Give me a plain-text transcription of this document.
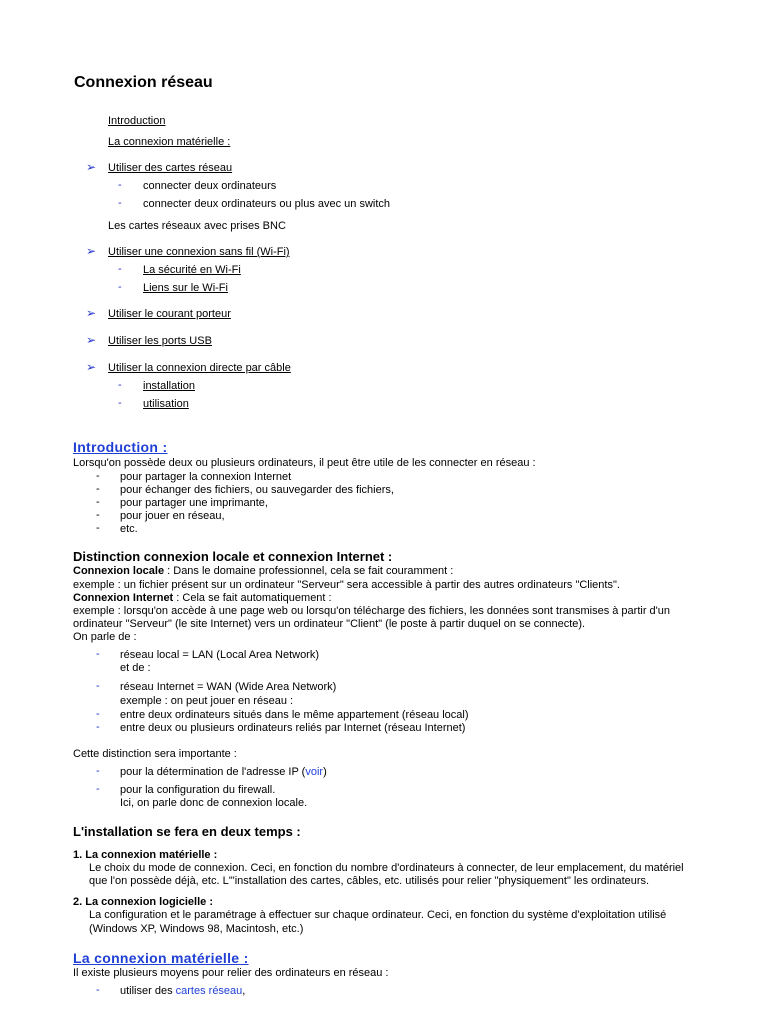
Connexion réseau
Introduction
La connexion matérielle :
➢ Utiliser des cartes réseau
- connecter deux ordinateurs
- connecter deux ordinateurs ou plus avec un switch
Les cartes réseaux avec prises BNC
➢ Utiliser une connexion sans fil (Wi-Fi)
- La sécurité en Wi-Fi
- Liens sur le Wi-Fi
➢ Utiliser le courant porteur
➢ Utiliser les ports USB
➢ Utiliser la connexion directe par câble
- installation
- utilisation
Introduction :
Lorsqu'on possède deux ou plusieurs ordinateurs, il peut être utile de les connecter en réseau :
- pour partager la connexion Internet
- pour échanger des fichiers, ou sauvegarder des fichiers,
- pour partager une imprimante,
- pour jouer en réseau,
- etc.
Distinction connexion locale et connexion Internet :
Connexion locale : Dans le domaine professionnel, cela se fait couramment :
exemple : un fichier présent sur un ordinateur "Serveur" sera accessible à partir des autres ordinateurs "Clients".
Connexion Internet : Cela se fait automatiquement :
exemple : lorsqu'on accède à une page web ou lorsqu'on télécharge des fichiers, les données sont transmises à partir d'un
ordinateur "Serveur" (le site Internet) vers un ordinateur "Client" (le poste à partir duquel on se connecte).
On parle de :
- réseau local = LAN (Local Area Network)
et de :
- réseau Internet = WAN (Wide Area Network)
exemple : on peut jouer en réseau :
- entre deux ordinateurs situés dans le même appartement (réseau local)
- entre deux ou plusieurs ordinateurs reliés par Internet (réseau Internet)
Cette distinction sera importante :
- pour la détermination de l'adresse IP (voir)
- pour la configuration du firewall.
Ici, on parle donc de connexion locale.
L'installation se fera en deux temps :
1. La connexion matérielle :
Le choix du mode de connexion. Ceci, en fonction du nombre d'ordinateurs à connecter, de leur emplacement, du matériel
que l'on possède déjà, etc. L'"installation des cartes, câbles, etc. utilisés pour relier "physiquement" les ordinateurs.
2. La connexion logicielle :
La configuration et le paramétrage à effectuer sur chaque ordinateur. Ceci, en fonction du système d'exploitation utilisé
(Windows XP, Windows 98, Macintosh, etc.)
La connexion matérielle :
Il existe plusieurs moyens pour relier des ordinateurs en réseau :
- utiliser des cartes réseau,
